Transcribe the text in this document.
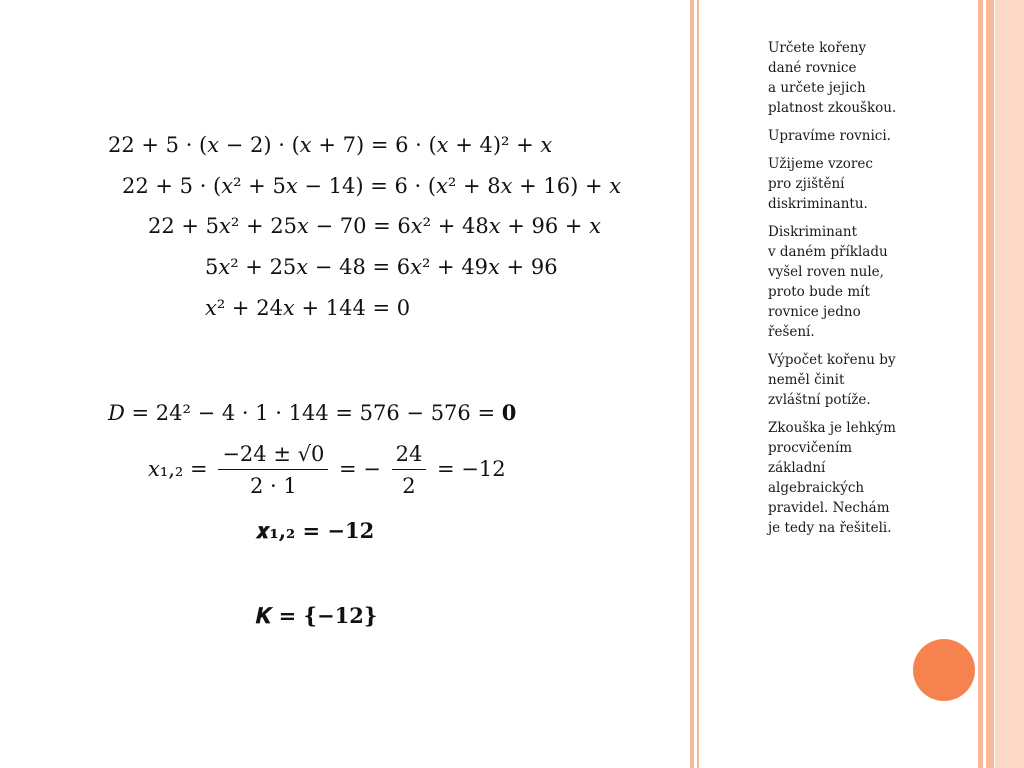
22 + 5 · (𝑥 − 2) · (𝑥 + 7) = 6 · (𝑥 + 4)² + 𝑥
22 + 5 · (𝑥² + 5𝑥 − 14) = 6 · (𝑥² + 8𝑥 + 16) + 𝑥
22 + 5𝑥² + 25𝑥 − 70 = 6𝑥² + 48𝑥 + 96 + 𝑥
5𝑥² + 25𝑥 − 48 = 6𝑥² + 49𝑥 + 96
𝑥² + 24𝑥 + 144 = 0
𝐷 = 24² − 4 · 1 · 144 = 576 − 576 = 𝟎
𝑥₁,₂ = $\frac{-24 \pm √0}{2 \cdot 1}$ = − $\frac{24}{2} = -12$
𝒙₁,₂ = −𝟏𝟐
𝑲 = {−𝟏𝟐}

Určete kořeny
dané rovnice
a určete jejich
platnost zkouškou.

Upravíme rovnici.

Užijeme vzorec
pro zjištění
diskriminantu.

Diskriminant
v daném příkladu
vyšel roven nule,
proto bude mít
rovnice jedno
řešení.

Výpočet kořenu by
neměl činit
zvláštní potíže.

Zkouška je lehkým
procvičením
základní
algebraických
pravidel. Nechám
je tedy na řešiteli.
